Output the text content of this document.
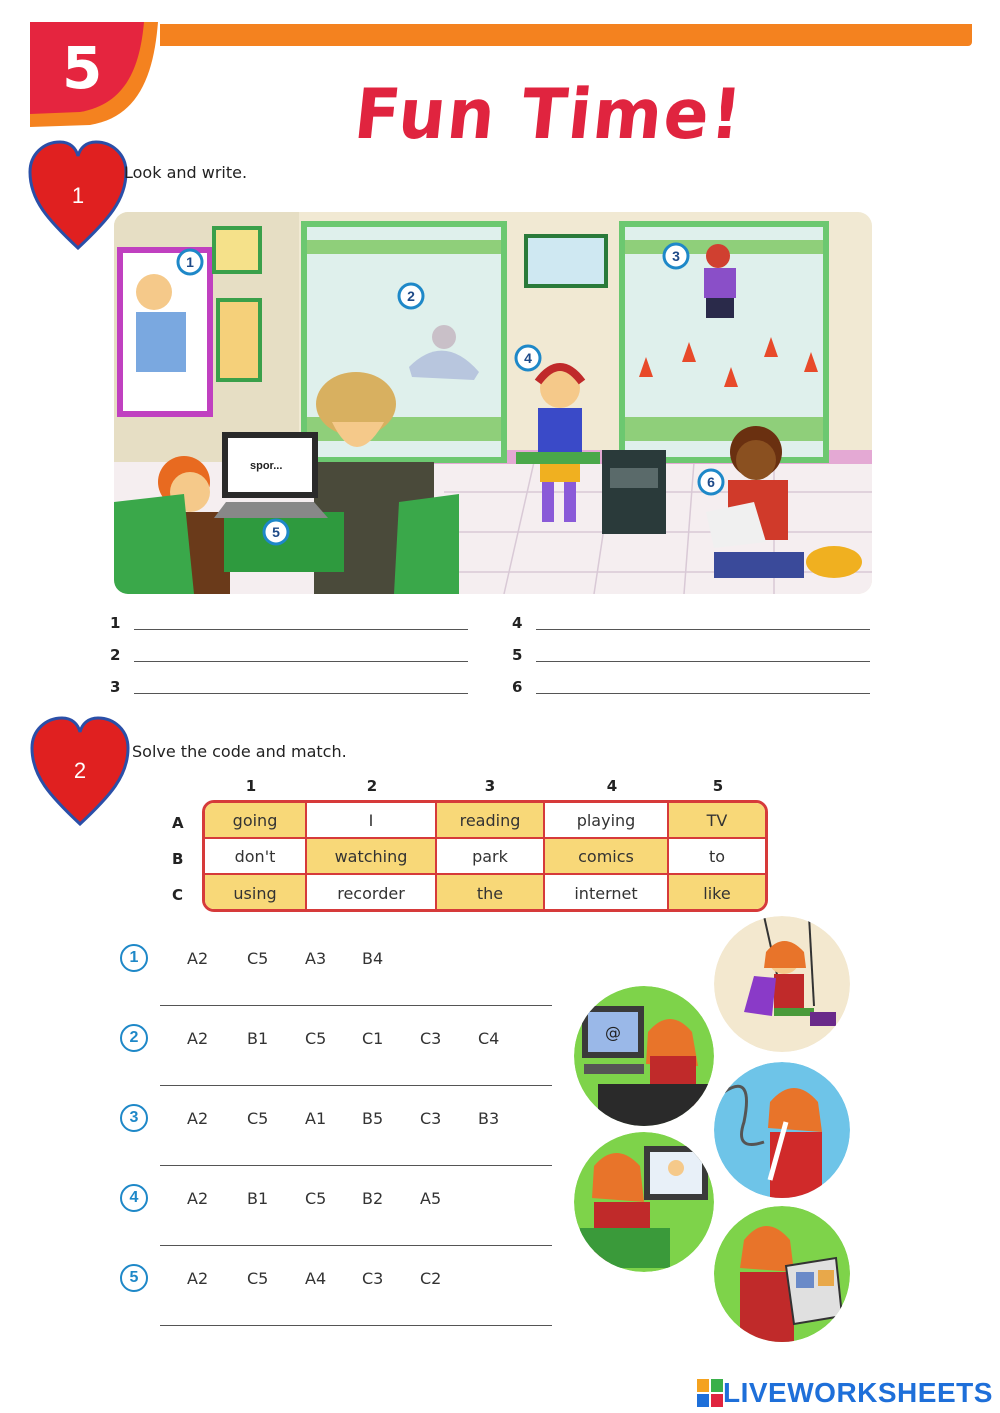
5
Fun Time!
1
Look and write.
spor...
1
2
3
4
5
6
1
2
3
4
5
6
2
Solve the code and match.
1	2	3	4	5
A
B
C
going	I	reading	playing	TV
don't	watching	park	comics	to
using	recorder	the	internet	like
1	A2 C5 A3 B4
2	A2 B1 C5 C1 C3 C4
3	A2 C5 A1 B5 C3 B3
4	A2 B1 C5 B2 A5
5	A2 C5 A4 C3 C2
@
LIVEWORKSHEETS
